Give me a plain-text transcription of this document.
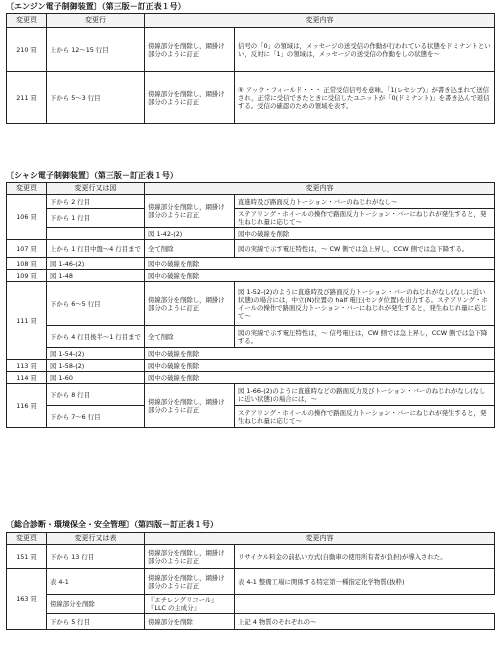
〔エンジン電子制御装置〕（第三版－訂正表１号）
変更頁	変更行	変更内容	
210 頁	上から 12～15 行目	傍線部分を削除し，網掛け部分のように訂正	信号の「0」の領域は，メッセージの送受信の作動が行われている状態をドミナントといい，反対に「1」の領域は，メッセージの送受信の作動をしの状態を～
211 頁	下から 5～3 行目	傍線部分を削除し，網掛け部分のように訂正	⑤ アック・フィールド・・・ 正常受信信号を意味。「1(レセシブ)」が書き込まれて送信され，正常に受信できたときに受信したユニットが「0(ドミナント)」を書き込んで返信する。受信の確認のための領域を表す。
〔シャシ電子制御装置〕（第三版－訂正表１号）
変更頁	変更行又は図	変更内容	
106 頁	下から 2 行目	傍線部分を削除し，網掛け部分のように訂正	直進時及び路面反力トーション・バーのねじれがなし～
	下から 1 行目		ステアリング・ホイールの操作で路面反力トーション・バーにねじれが発生すると，発生ねじれ量に応じて～
		図 1-42-(2)	図中の破線を削除
107 頁	上から 1 行目中盤～4 行目まで	全て削除	図の実線で示す電圧特性は，～ CW 側では急上昇し，CCW 側では急下降する。
108 頁	図 1-46-(2)	図中の破線を削除	
109 頁	図 1-48	図中の破線を削除	
111 頁	下から 6～5 行目	傍線部分を削除し，網掛け部分のように訂正	図 1-52-(2)のように直進時及び路面反力トーション・バーのねじれがなし(なしに近い状態)の場合には，中立(N)位置の half 電圧(センタ位置)を出力する。ステアリング・ホイールの操作で路面反力トーション・バーにねじれが発生すると，発生ねじれ量に応じて～
	下から 4 行目後半～1 行目まで	全て削除	図の実線で示す電圧特性は，～ 信号電圧は，CW 側では急上昇し，CCW 側では急下降する。
	図 1-54-(2)	図中の破線を削除	
113 頁	図 1-58-(2)	図中の破線を削除	
114 頁	図 1-60	図中の破線を削除	
116 頁	下から 8 行目	傍線部分を削除し，網掛け部分のように訂正	図 1-66-(2)のように直進時などの路面反力及びトーション・バーのねじれがなし(なしに近い状態)の場合には，～
	下から 7～6 行目		ステアリング・ホイールの操作で路面反力トーション・バーにねじれが発生すると，発生ねじれ量に応じて～
〔総合診断・環境保全・安全管理〕（第四版－訂正表１号）
変更頁	変更行又は表	変更内容	
151 頁	下から 13 行目	傍線部分を削除し，網掛け部分のように訂正	リサイクル料金の前払い方式(自動車の使用所有者が負担)が導入された。
163 頁	表 4-1	傍線部分を削除し，網掛け部分のように訂正	表 4-1 整備工場に関係する特定第一種指定化学物質(抜粋)
	傍線部分を削除	『エチレングリコール』『LLC の主成分』	
	下から 5 行目	傍線部分を削除	上記 4 物質のそれぞれの～
